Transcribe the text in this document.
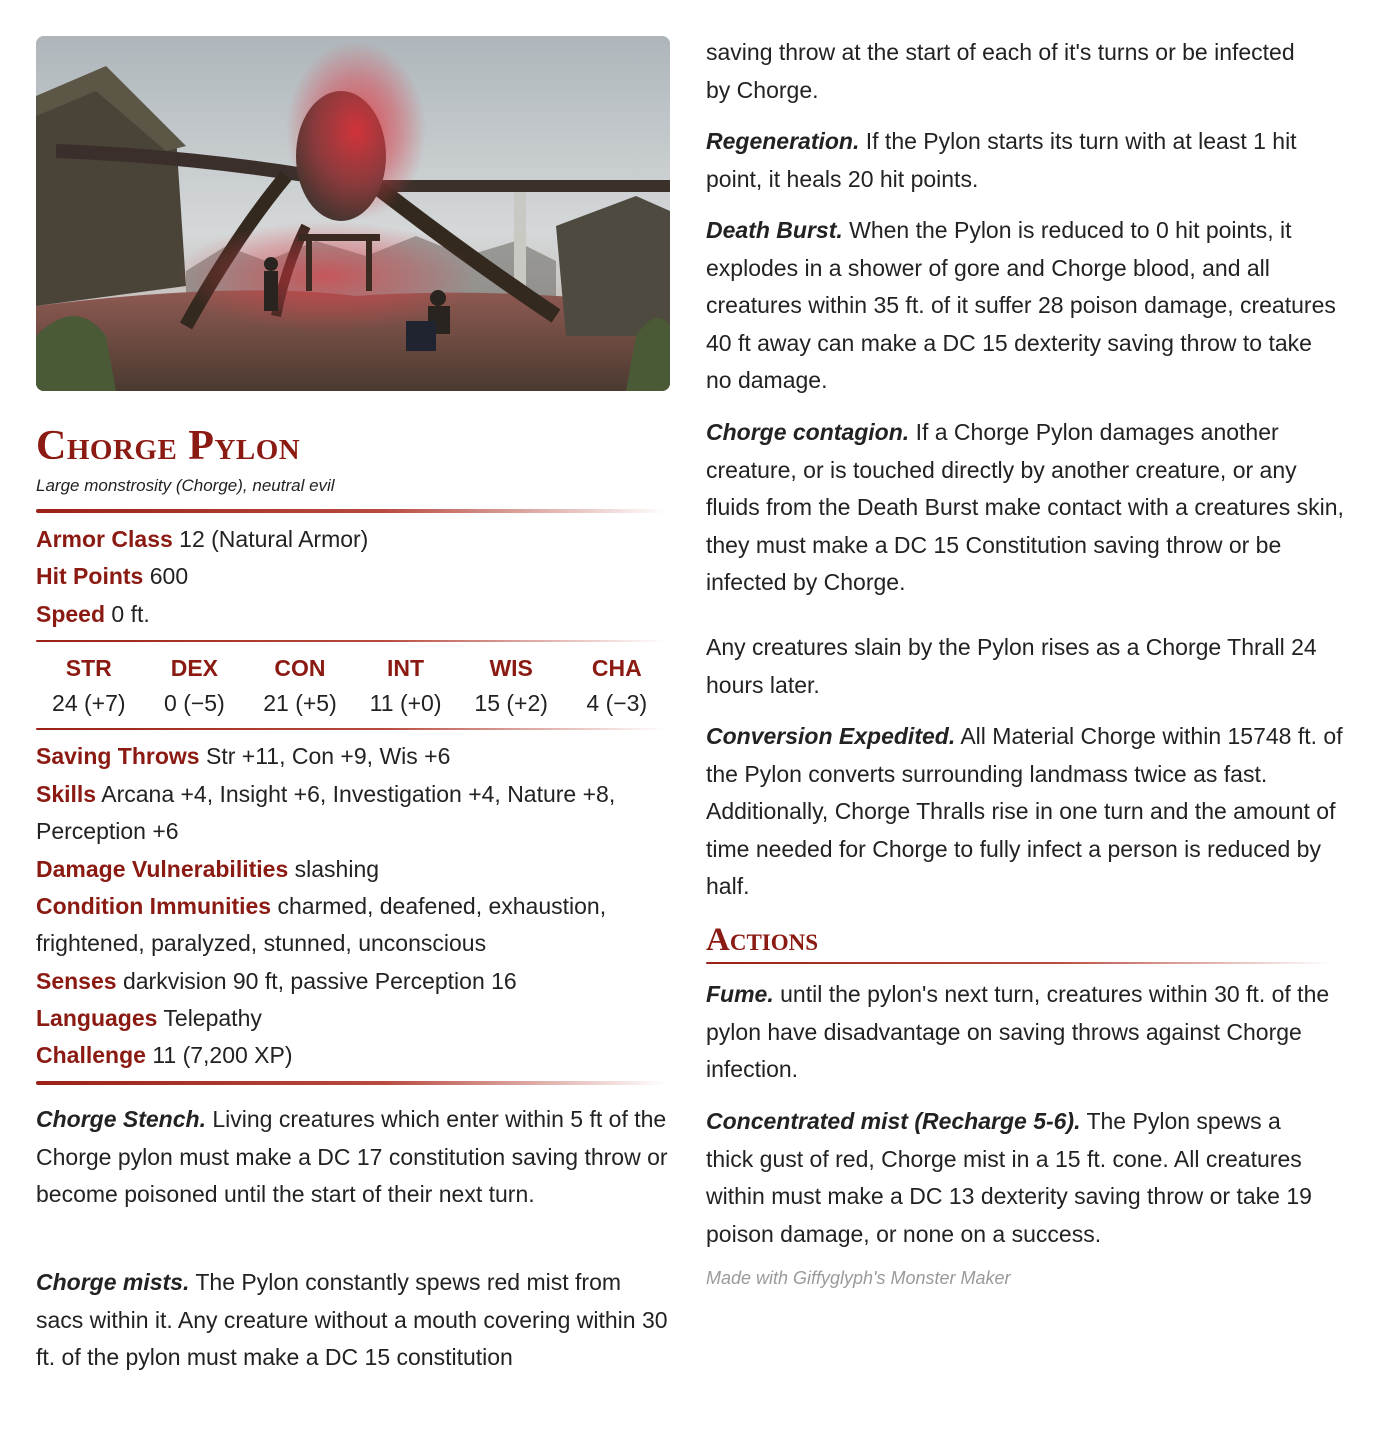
Chorge Pylon
Large monstrosity (Chorge), neutral evil
Armor Class 12 (Natural Armor)
Hit Points 600
Speed 0 ft.
STR
24 (+7)
DEX
0 (−5)
CON
21 (+5)
INT
11 (+0)
WIS
15 (+2)
CHA
4 (−3)
Saving Throws Str +11, Con +9, Wis +6
Skills Arcana +4, Insight +6, Investigation +4, Nature +8,
Perception +6
Damage Vulnerabilities slashing
Condition Immunities charmed, deafened, exhaustion,
frightened, paralyzed, stunned, unconscious
Senses darkvision 90 ft, passive Perception 16
Languages Telepathy
Challenge 11 (7,200 XP)

Chorge Stench. Living creatures which enter within 5 ft of the Chorge pylon must make a DC 17 constitution saving throw or become poisoned until the start of their next turn.

Chorge mists. The Pylon constantly spews red mist from sacs within it. Any creature without a mouth covering within 30 ft. of the pylon must make a DC 15 constitution

saving throw at the start of each of it's turns or be infected by Chorge.

Regeneration. If the Pylon starts its turn with at least 1 hit point, it heals 20 hit points.

Death Burst. When the Pylon is reduced to 0 hit points, it explodes in a shower of gore and Chorge blood, and all creatures within 35 ft. of it suffer 28 poison damage, creatures 40 ft away can make a DC 15 dexterity saving throw to take no damage.

Chorge contagion. If a Chorge Pylon damages another creature, or is touched directly by another creature, or any fluids from the Death Burst make contact with a creatures skin, they must make a DC 15 Constitution saving throw or be infected by Chorge.

Any creatures slain by the Pylon rises as a Chorge Thrall 24 hours later.

Conversion Expedited. All Material Chorge within 15748 ft. of the Pylon converts surrounding landmass twice as fast. Additionally, Chorge Thralls rise in one turn and the amount of time needed for Chorge to fully infect a person is reduced by half.

Actions

Fume. until the pylon's next turn, creatures within 30 ft. of the pylon have disadvantage on saving throws against Chorge infection.

Concentrated mist (Recharge 5-6). The Pylon spews a thick gust of red, Chorge mist in a 15 ft. cone. All creatures within must make a DC 13 dexterity saving throw or take 19 poison damage, or none on a success.

Made with Giffyglyph's Monster Maker
